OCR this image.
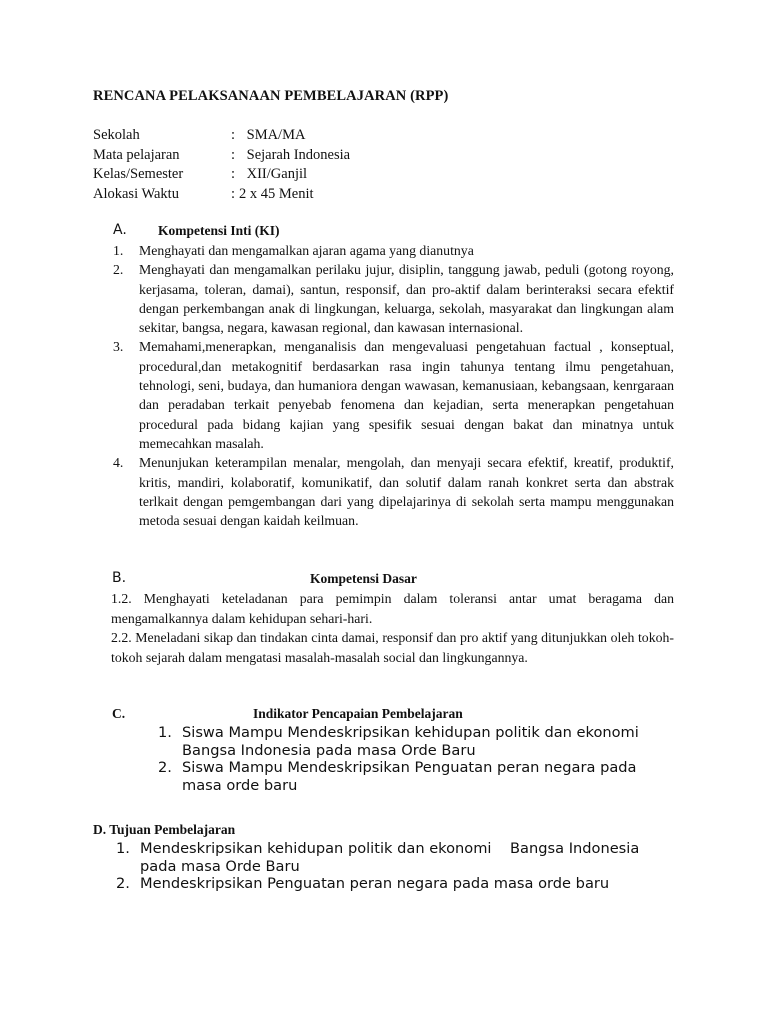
RENCANA PELAKSANAAN PEMBELAJARAN (RPP)
Sekolah	: SMA/MA
Mata pelajaran	: Sejarah Indonesia
Kelas/Semester	: XII/Ganjil
Alokasi Waktu	: 2 x 45 Menit
A. Kompetensi Inti (KI)
1.	Menghayati dan mengamalkan ajaran agama yang dianutnya
2.	Menghayati dan mengamalkan perilaku jujur, disiplin, tanggung jawab, peduli (gotong royong, kerjasama, toleran, damai), santun, responsif, dan pro-aktif dalam berinteraksi secara efektif dengan perkembangan anak di lingkungan, keluarga, sekolah, masyarakat dan lingkungan alam sekitar, bangsa, negara, kawasan regional, dan kawasan internasional.
3.	Memahami,menerapkan, menganalisis dan mengevaluasi pengetahuan factual , konseptual, procedural,dan metakognitif berdasarkan rasa ingin tahunya tentang ilmu pengetahuan, tehnologi, seni, budaya, dan humaniora dengan wawasan, kemanusiaan, kebangsaan, kenrgaraan dan peradaban terkait penyebab fenomena dan kejadian, serta menerapkan pengetahuan procedural pada bidang kajian yang spesifik sesuai dengan bakat dan minatnya untuk memecahkan masalah.
4.	Menunjukan keterampilan menalar, mengolah, dan menyaji secara efektif, kreatif, produktif, kritis, mandiri, kolaboratif, komunikatif, dan solutif dalam ranah konkret serta dan abstrak terlkait dengan pemgembangan dari yang dipelajarinya di sekolah serta mampu menggunakan metoda sesuai dengan kaidah keilmuan.
B.	Kompetensi Dasar

1.2. Menghayati keteladanan para pemimpin dalam toleransi antar umat beragama dan mengamalkannya dalam kehidupan sehari-hari.

2.2. Meneladani sikap dan tindakan cinta damai, responsif dan pro aktif yang ditunjukkan oleh tokoh-tokoh sejarah dalam mengatasi masalah-masalah social dan lingkungannya.

C.	Indikator Pencapaian Pembelajaran
1. Siswa Mampu Mendeskripsikan kehidupan politik dan ekonomi Bangsa Indonesia pada masa Orde Baru
2. Siswa Mampu Mendeskripsikan Penguatan peran negara pada masa orde baru
D. Tujuan Pembelajaran
1. Mendeskripsikan kehidupan politik dan ekonomi    Bangsa Indonesia pada masa Orde Baru
2. Mendeskripsikan Penguatan peran negara pada masa orde baru
